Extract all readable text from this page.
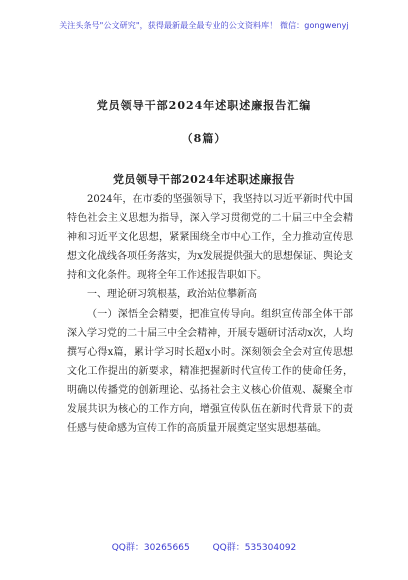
关注头条号"公文研究"，获得最新最全最专业的公文资料库！ 微信：gongwenyj
党员领导干部2024年述职述廉报告汇编
（8篇）
党员领导干部2024年述职述廉报告

2024年，在市委的坚强领导下，我坚持以习近平新时代中国特色社会主义思想为指导，深入学习贯彻党的二十届三中全会精神和习近平文化思想，紧紧围绕全市中心工作，全力推动宣传思想文化战线各项任务落实，为x发展提供强大的思想保证、舆论支持和文化条件。现将全年工作述报告职如下。

一、理论研习筑根基，政治站位攀新高

（一）深悟全会精要，把准宣传导向。组织宣传部全体干部深入学习党的二十届三中全会精神，开展专题研讨活动x次，人均撰写心得x篇，累计学习时长超x小时。深刻领会全会对宣传思想文化工作提出的新要求，精准把握新时代宣传工作的使命任务，明确以传播党的创新理论、弘扬社会主义核心价值观、凝聚全市发展共识为核心的工作方向，增强宣传队伍在新时代背景下的责任感与使命感为宣传工作的高质量开展奠定坚实思想基础。

QQ群：30265665	QQ群：535304092
